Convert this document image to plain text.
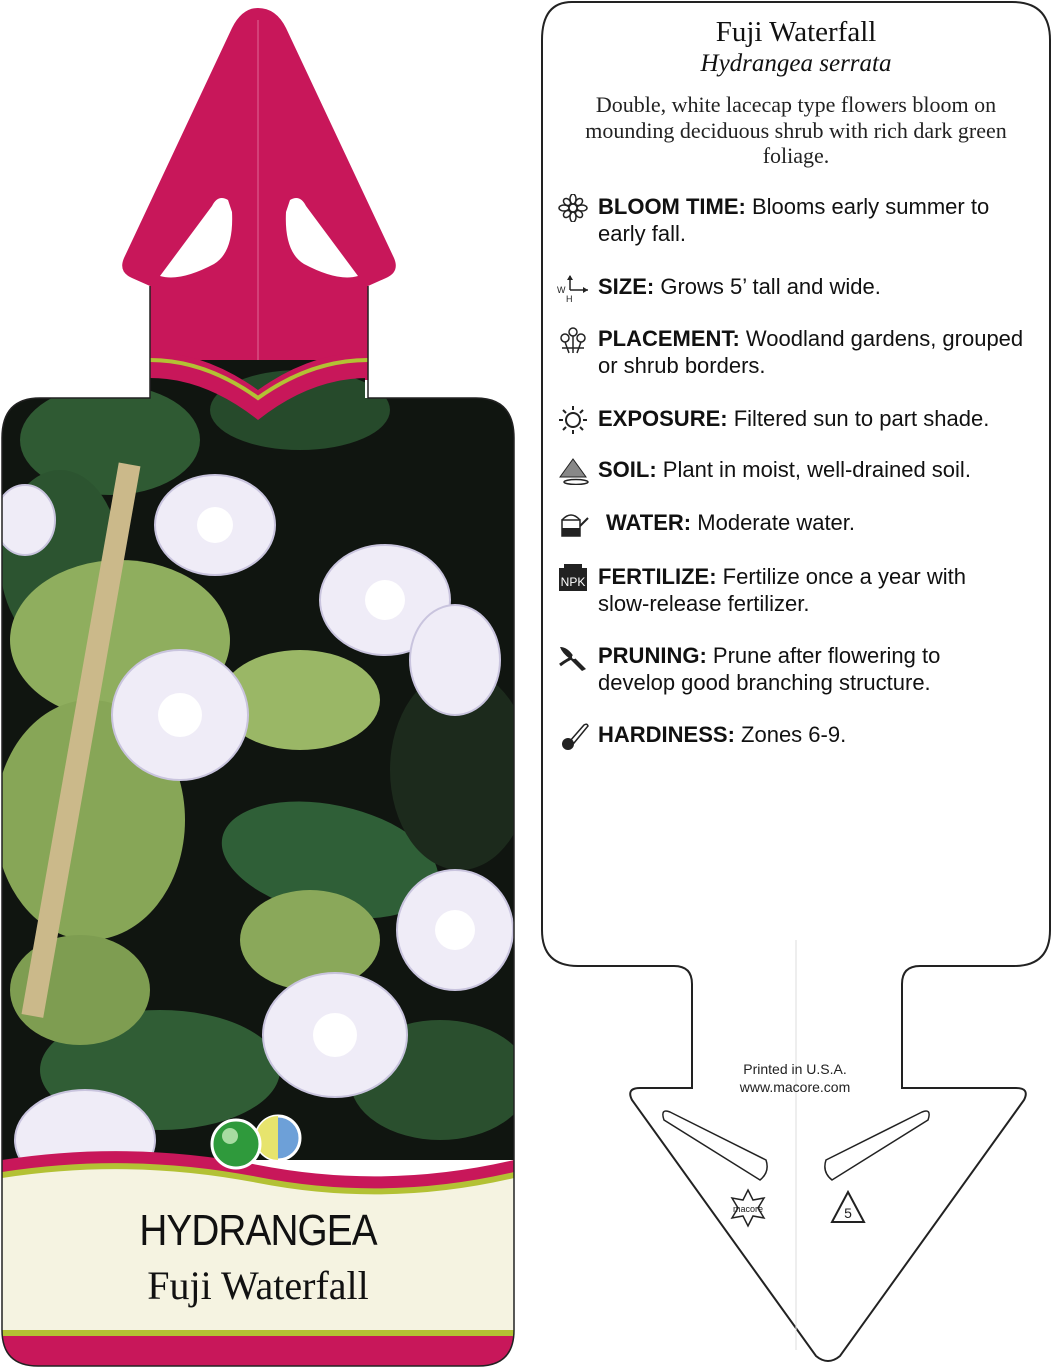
HYDRANGEA
Fuji Waterfall
macore	5
Fuji Waterfall
Hydrangea serrata
Double, white lacecap type flowers bloom on mounding deciduous shrub with rich dark green foliage.
BLOOM TIME: Blooms early summer to
early fall.
W
H SIZE: Grows 5’ tall and wide.
PLACEMENT: Woodland gardens, grouped
or shrub borders.
EXPOSURE: Filtered sun to part shade.
SOIL: Plant in moist, well-drained soil.
WATER: Moderate water.
NPK FERTILIZE: Fertilize once a year with
slow-release fertilizer.
PRUNING: Prune after flowering to
develop good branching structure.
HARDINESS: Zones 6-9.
Printed in U.S.A.
www.macore.com
